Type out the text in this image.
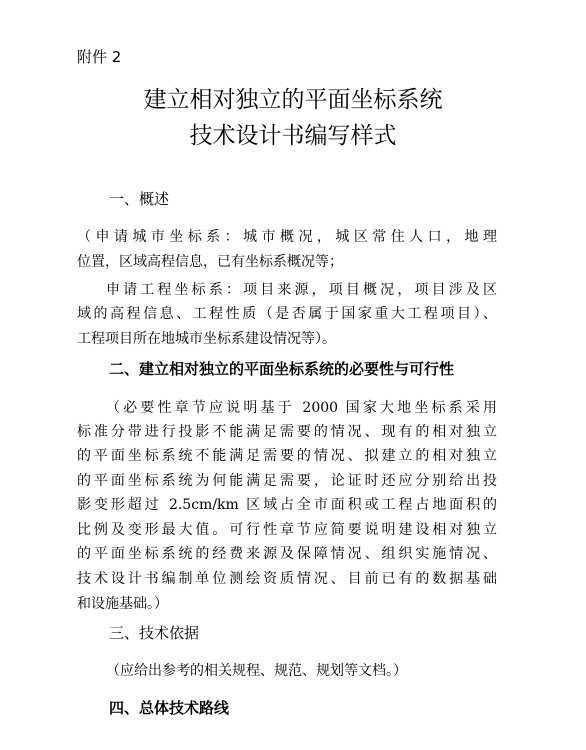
附件 2
建立相对独立的平面坐标系统
技术设计书编写样式
一、概述
（申请城市坐标系：城市概况，城区常住人口，地理
位置，区域高程信息，已有坐标系概况等；
申请工程坐标系：项目来源，项目概况，项目涉及区
域的高程信息、工程性质（是否属于国家重大工程项目）、
工程项目所在地城市坐标系建设情况等）。
二、建立相对独立的平面坐标系统的必要性与可行性
（必要性章节应说明基于 2000 国家大地坐标系采用
标准分带进行投影不能满足需要的情况、现有的相对独立
的平面坐标系统不能满足需要的情况、拟建立的相对独立
的平面坐标系统为何能满足需要，论证时还应分别给出投
影变形超过 2.5cm/km 区域占全市面积或工程占地面积的
比例及变形最大值。可行性章节应简要说明建设相对独立
的平面坐标系统的经费来源及保障情况、组织实施情况、
技术设计书编制单位测绘资质情况、目前已有的数据基础
和设施基础。）
三、技术依据
（应给出参考的相关规程、规范、规划等文档。）
四、总体技术路线
